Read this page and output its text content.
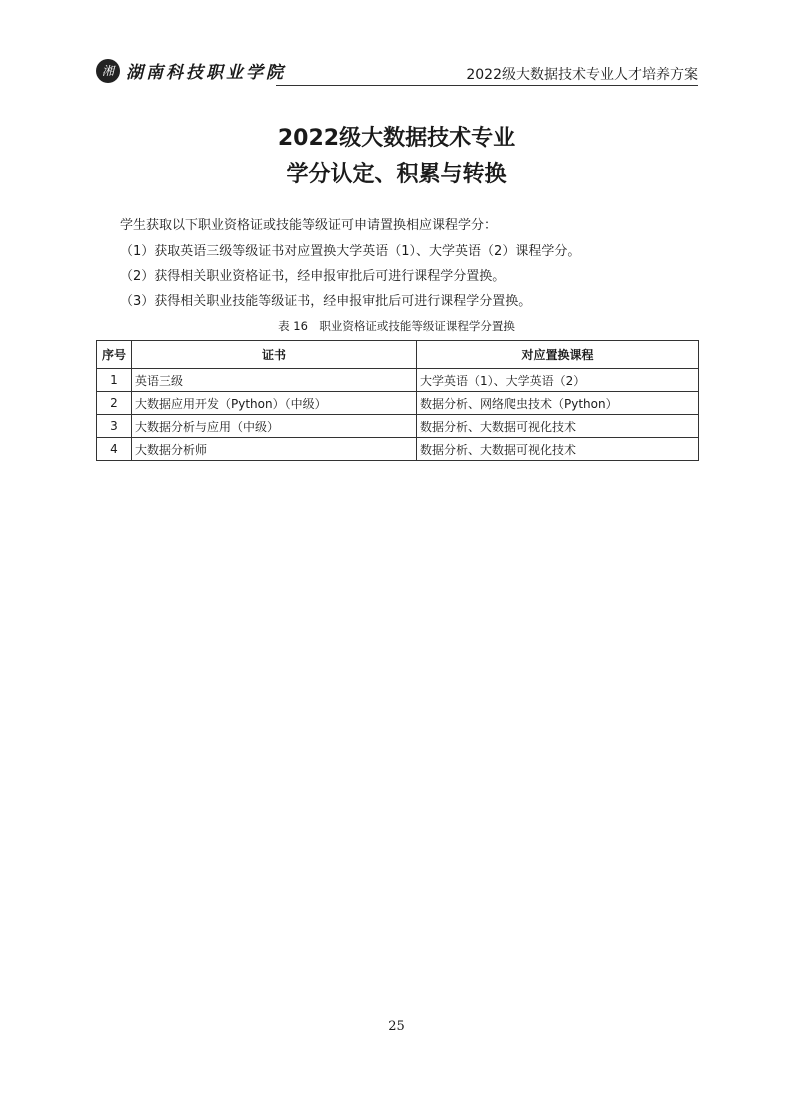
湘 湖南科技职业学院	2022级大数据技术专业人才培养方案
2022级大数据技术专业
学分认定、积累与转换
学生获取以下职业资格证或技能等级证可申请置换相应课程学分：
（1）获取英语三级等级证书对应置换大学英语（1）、大学英语（2）课程学分。
（2）获得相关职业资格证书，经申报审批后可进行课程学分置换。
（3）获得相关职业技能等级证书，经申报审批后可进行课程学分置换。
表 16　职业资格证或技能等级证课程学分置换
序号	证书	对应置换课程
1	英语三级	大学英语（1）、大学英语（2）
2	大数据应用开发（Python）（中级）	数据分析、网络爬虫技术（Python）
3	大数据分析与应用（中级）	数据分析、大数据可视化技术
4	大数据分析师	数据分析、大数据可视化技术
25
